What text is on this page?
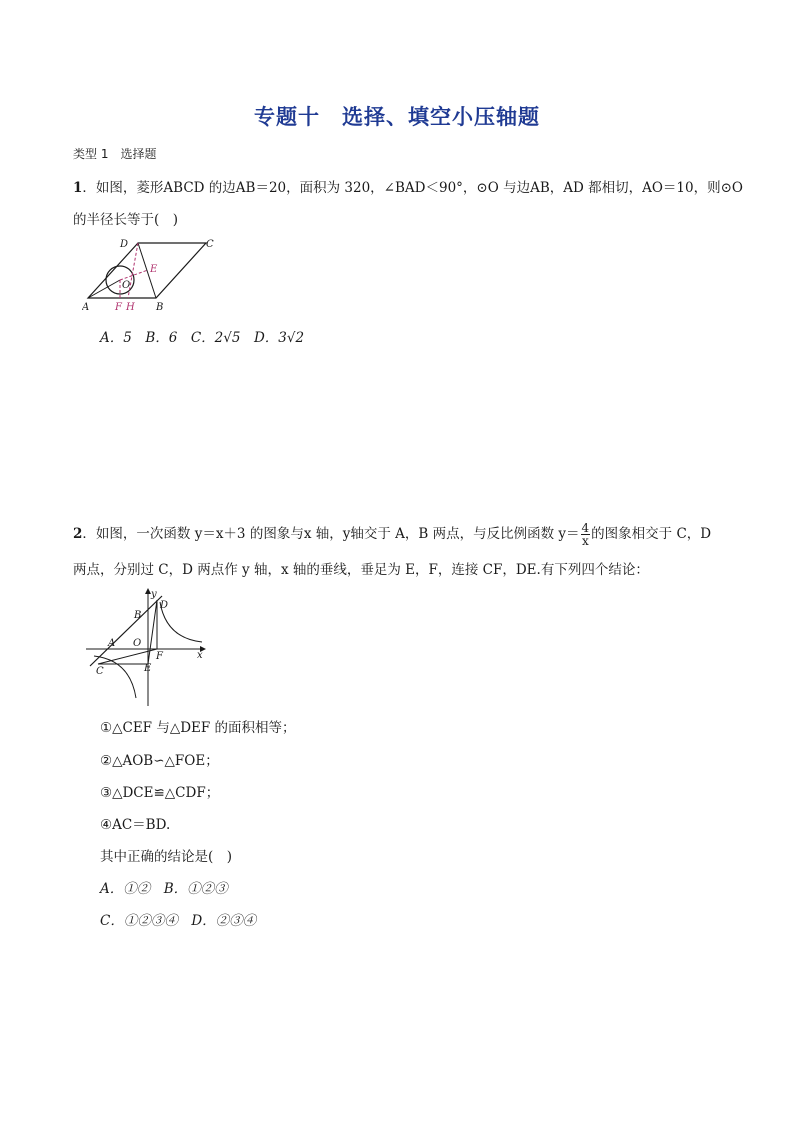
专题十　选择、填空小压轴题
类型 1　选择题
1．如图，菱形ABCD 的边AB＝20，面积为 320，∠BAD＜90°，⊙O 与边AB，AD 都相切，AO＝10，则⊙O
的半径长等于(　)
A	B
C
D
E
O
F H
A．5　B．6　C．2√5　D．3√2
2．如图，一次函数 y＝x＋3 的图象与x 轴，y轴交于 A，B 两点，与反比例函数 $y= \frac{4}{x}$ 的图象相交于 C，D
两点，分别过 C，D 两点作 y 轴，x 轴的垂线，垂足为 E，F，连接 CF，DE.有下列四个结论：
y
x
A
B
C
D
E
F
O
①△CEF 与△DEF 的面积相等；
②△AOB∽△FOE；
③△DCE≌△CDF；
④AC＝BD.
其中正确的结论是(　)
A．①②　B．①②③
C．①②③④　D．②③④
